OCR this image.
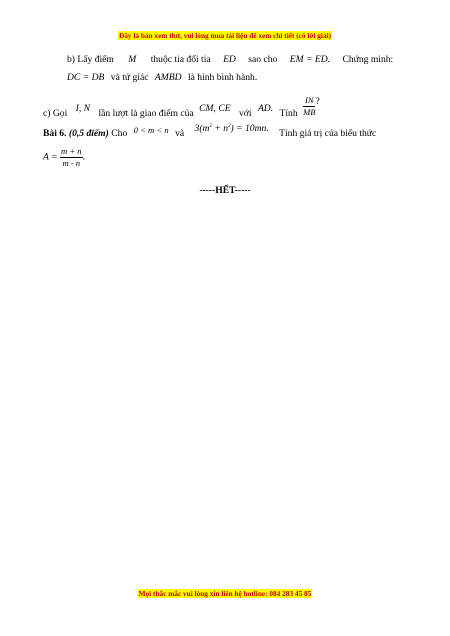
Đây là bản xem thử, vui lòng mua tài liệu để xem chi tiết (có lời giải)
b) Lấy điểm M thuộc tia đối tia ED sao cho EM = ED. Chứng minh:
DC = DB và tứ giác AMBD là hình bình hành.
c) Gọi I, N lần lượt là giao điểm của CM, CE với AD. Tính $\frac{IN}{MB}$ ?
Bài 6. (0,5 điểm) Cho 0 < m < n và $3(m^2 + n^2) = 10mn$. Tính giá trị của biểu thức
$A = \frac{m + n}{m - n}$ .
-----HẾT-----
Mọi thắc mắc vui lòng xin liên hệ hotline: 084 283 45 85
